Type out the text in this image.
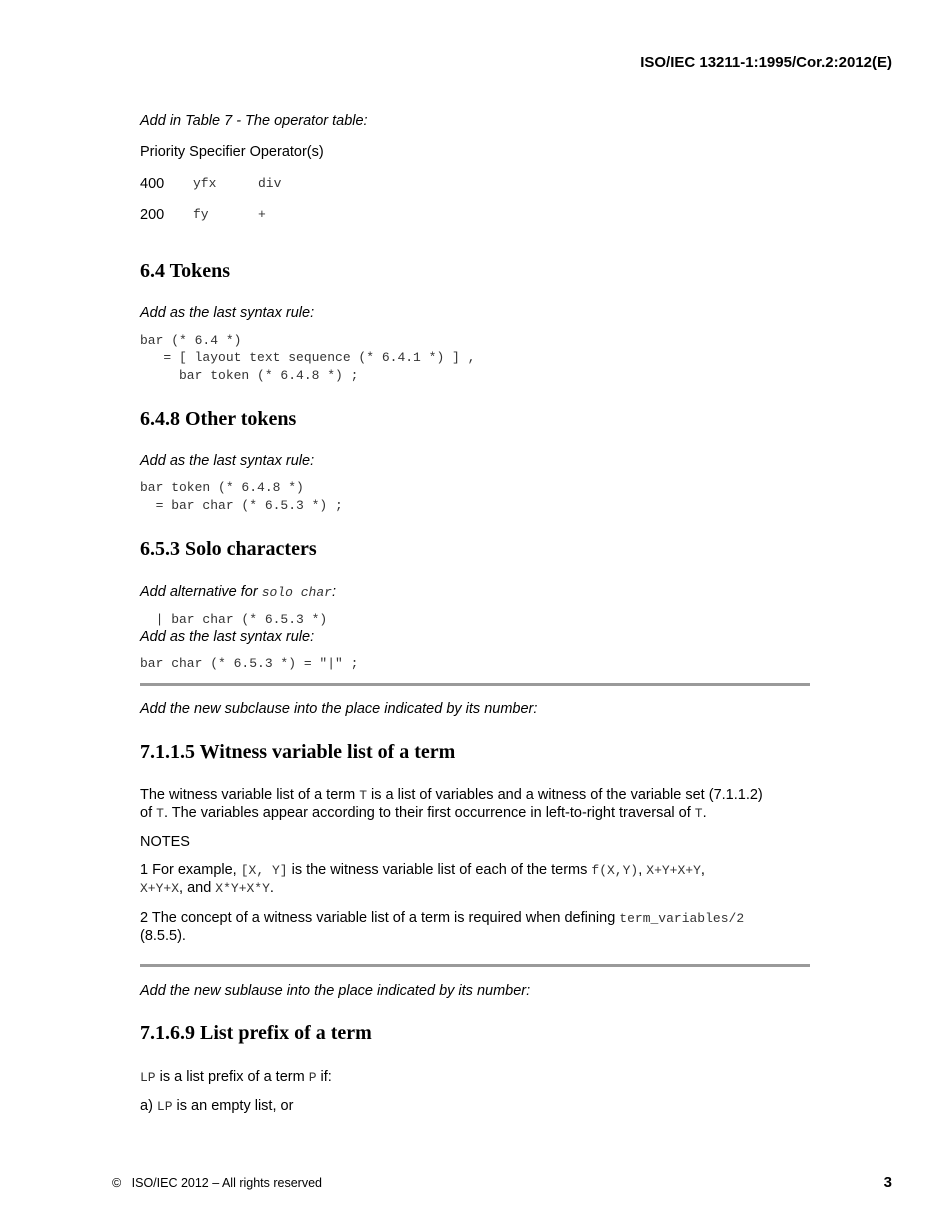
ISO/IEC 13211-1:1995/Cor.2:2012(E)
Add in Table 7 - The operator table:
Priority Specifier Operator(s)
400 yfx	div
200 fy	+
6.4 Tokens
Add as the last syntax rule:
bar (* 6.4 *)
= [ layout text sequence (* 6.4.1 *) ] ,
bar token (* 6.4.8 *) ;
6.4.8 Other tokens
Add as the last syntax rule:
bar token (* 6.4.8 *)
= bar char (* 6.5.3 *) ;
6.5.3 Solo characters
Add alternative for solo char:
| bar char (* 6.5.3 *)
Add as the last syntax rule:
bar char (* 6.5.3 *) = "|" ;
Add the new subclause into the place indicated by its number:
7.1.1.5 Witness variable list of a term
The witness variable list of a term T is a list of variables and a witness of the variable set (7.1.1.2)
of T. The variables appear according to their first occurrence in left-to-right traversal of T.
NOTES
1 For example, [X, Y] is the witness variable list of each of the terms f(X,Y), X+Y+X+Y,
X+Y+X, and X*Y+X*Y.
2 The concept of a witness variable list of a term is required when defining term_variables/2
(8.5.5).
Add the new sublause into the place indicated by its number:
7.1.6.9 List prefix of a term
LP is a list prefix of a term P if:
a) LP is an empty list, or
©   ISO/IEC 2012 – All rights reserved	3
